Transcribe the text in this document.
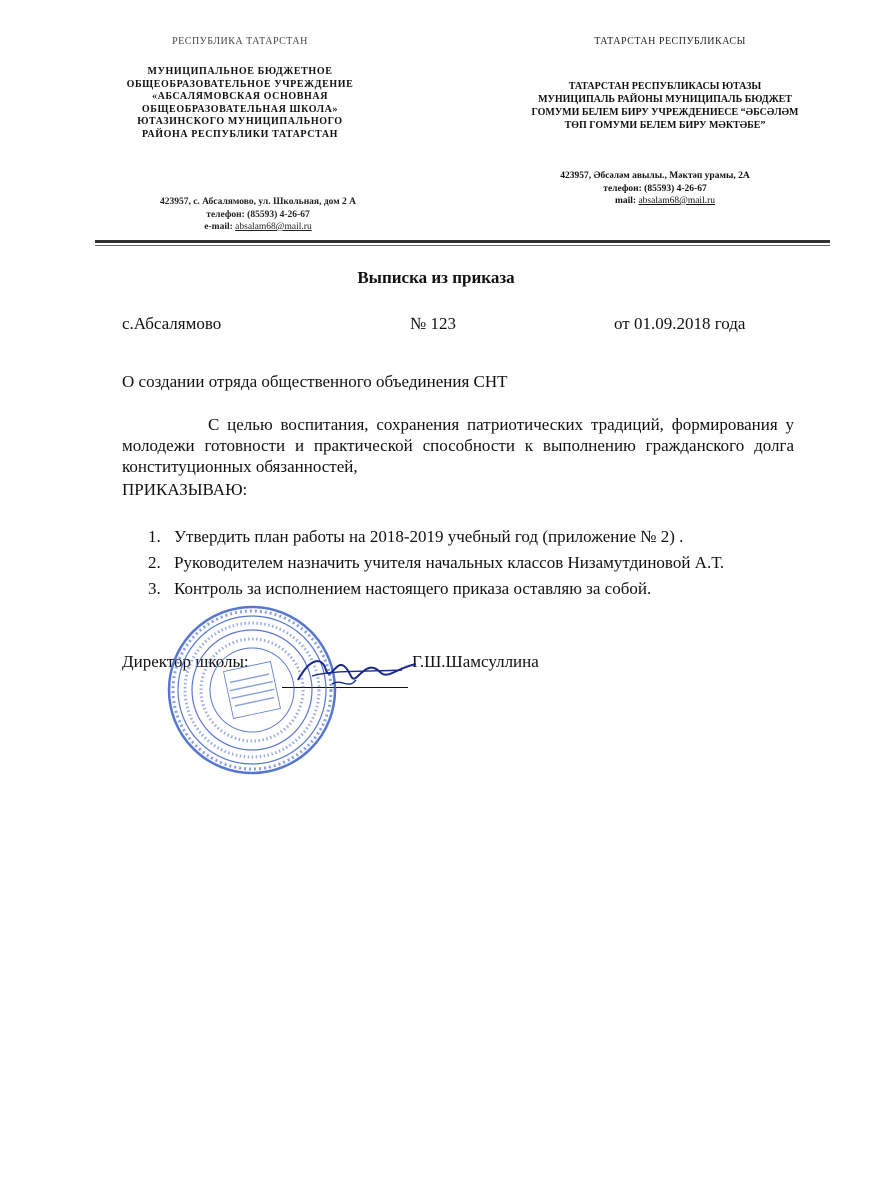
РЕСПУБЛИКА ТАТАРСТАН
МУНИЦИПАЛЬНОЕ БЮДЖЕТНОЕ
ОБЩЕОБРАЗОВАТЕЛЬНОЕ УЧРЕЖДЕНИЕ
«АБСАЛЯМОВСКАЯ ОСНОВНАЯ
ОБЩЕОБРАЗОВАТЕЛЬНАЯ ШКОЛА»
ЮТАЗИНСКОГО МУНИЦИПАЛЬНОГО
РАЙОНА РЕСПУБЛИКИ ТАТАРСТАН
423957, с. Абсалямово, ул. Школьная, дом 2 А
телефон: (85593) 4-26-67
e-mail: absalam68@mail.ru
ТАТАРСТАН РЕСПУБЛИКАСЫ
ТАТАРСТАН РЕСПУБЛИКАСЫ ЮТАЗЫ
МУНИЦИПАЛЬ РАЙОНЫ МУНИЦИПАЛЬ БЮДЖЕТ
ГОМУМИ БЕЛЕМ БИРУ УЧРЕЖДЕНИЕСЕ “ӘБСӘЛӘМ
ТӨП ГОМУМИ БЕЛЕМ БИРУ МӘКТӘБЕ”
423957, Әбсәләм авылы., Мәктәп урамы, 2А
телефон: (85593) 4-26-67
mail: absalam68@mail.ru
Выписка из приказа
с.Абсалямово	№ 123	от 01.09.2018 года
О создании отряда общественного объединения СНТ
С целью воспитания, сохранения патриотических традиций, формирования у молодежи готовности и практической способности к выполнению гражданского долга конституционных обязанностей,
ПРИКАЗЫВАЮ:
1. Утвердить план работы на 2018-2019 учебный год (приложение № 2) .
2. Руководителем назначить учителя начальных классов Низамутдиновой А.Т.
3. Контроль за исполнением настоящего приказа оставляю за собой.
Директор школы:	Г.Ш.Шамсуллина
